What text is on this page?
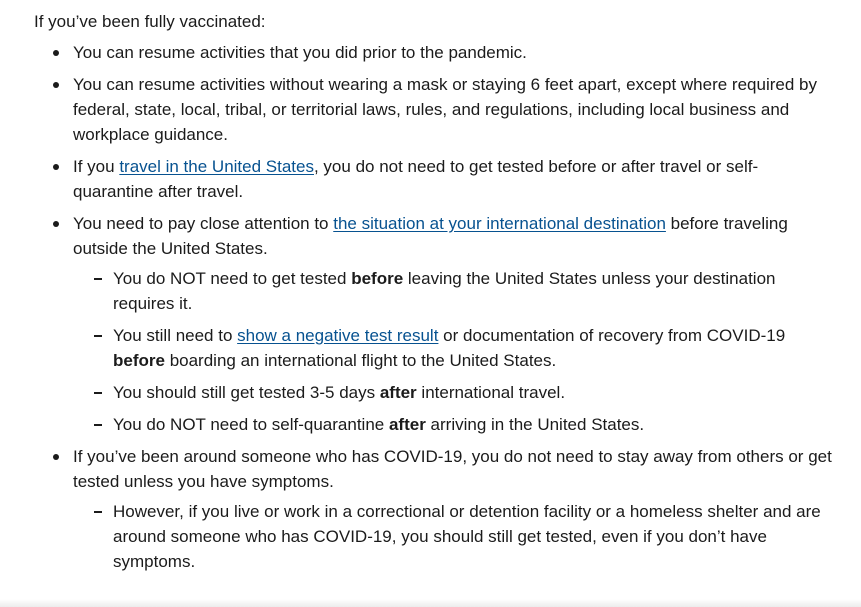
If you’ve been fully vaccinated:

You can resume activities that you did prior to the pandemic.
You can resume activities without wearing a mask or staying 6 feet apart, except where required by federal, state, local, tribal, or territorial laws, rules, and regulations, including local business and workplace guidance.
If you travel in the United States, you do not need to get tested before or after travel or self-quarantine after travel.
You need to pay close attention to the situation at your international destination before traveling outside the United States.
You do NOT need to get tested before leaving the United States unless your destination requires it.
You still need to show a negative test result or documentation of recovery from COVID-19 before boarding an international flight to the United States.
You should still get tested 3-5 days after international travel.
You do NOT need to self-quarantine after arriving in the United States.
If you’ve been around someone who has COVID-19, you do not need to stay away from others or get tested unless you have symptoms.
However, if you live or work in a correctional or detention facility or a homeless shelter and are around someone who has COVID-19, you should still get tested, even if you don’t have symptoms.
